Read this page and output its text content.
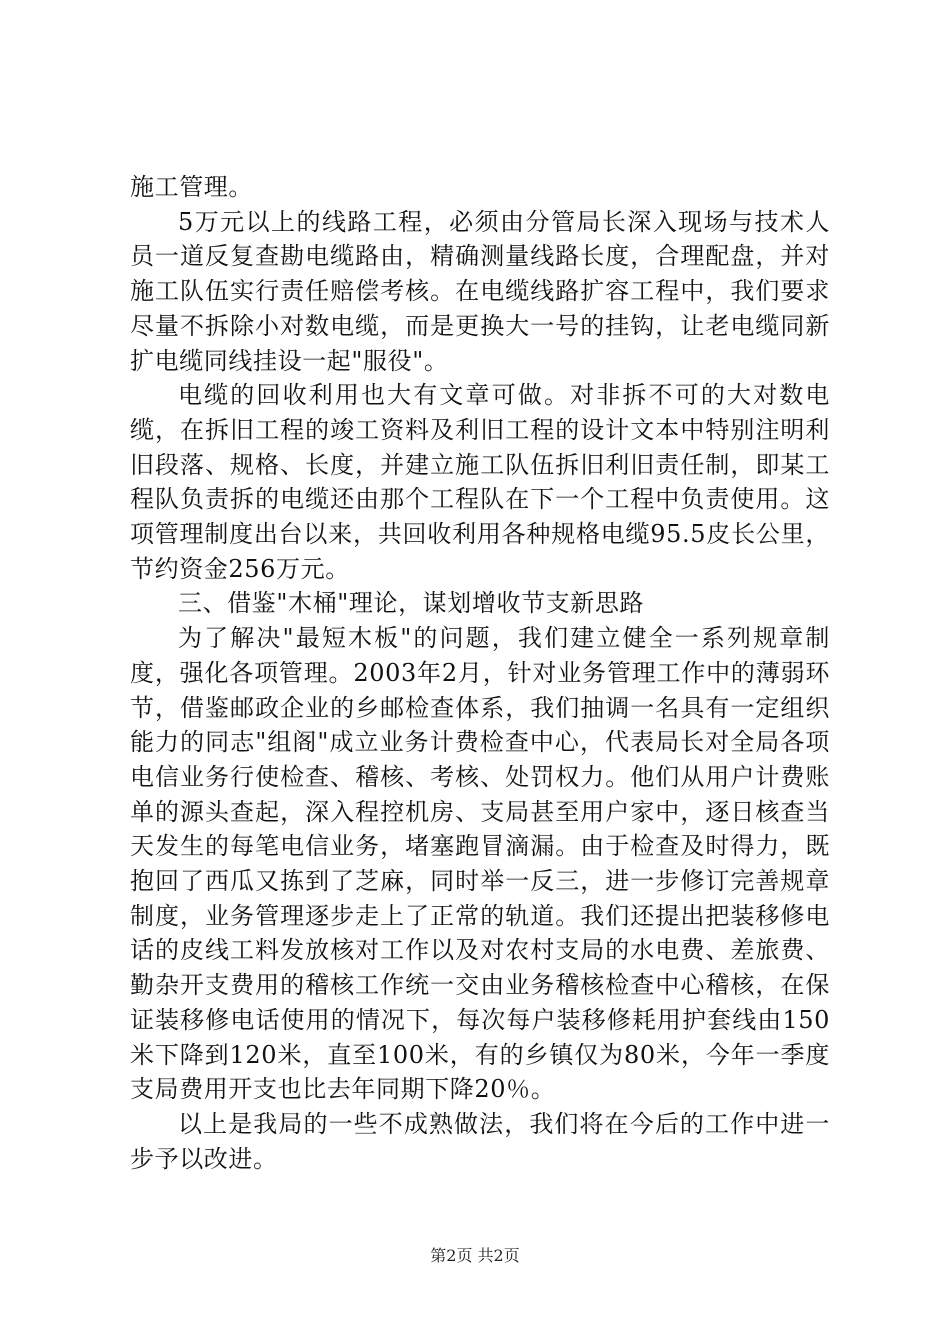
施工管理。

5万元以上的线路工程，必须由分管局长深入现场与技术人员一道反复查勘电缆路由，精确测量线路长度，合理配盘，并对施工队伍实行责任赔偿考核。在电缆线路扩容工程中，我们要求尽量不拆除小对数电缆，而是更换大一号的挂钩，让老电缆同新扩电缆同线挂设一起"服役"。

电缆的回收利用也大有文章可做。对非拆不可的大对数电缆，在拆旧工程的竣工资料及利旧工程的设计文本中特别注明利旧段落、规格、长度，并建立施工队伍拆旧利旧责任制，即某工程队负责拆的电缆还由那个工程队在下一个工程中负责使用。这项管理制度出台以来，共回收利用各种规格电缆95.5皮长公里，节约资金256万元。

三、借鉴"木桶"理论，谋划增收节支新思路

为了解决"最短木板"的问题，我们建立健全一系列规章制度，强化各项管理。2003年2月，针对业务管理工作中的薄弱环节，借鉴邮政企业的乡邮检查体系，我们抽调一名具有一定组织能力的同志"组阁"成立业务计费检查中心，代表局长对全局各项电信业务行使检查、稽核、考核、处罚权力。他们从用户计费账单的源头查起，深入程控机房、支局甚至用户家中，逐日核查当天发生的每笔电信业务，堵塞跑冒滴漏。由于检查及时得力，既抱回了西瓜又拣到了芝麻，同时举一反三，进一步修订完善规章制度，业务管理逐步走上了正常的轨道。我们还提出把装移修电话的皮线工料发放核对工作以及对农村支局的水电费、差旅费、勤杂开支费用的稽核工作统一交由业务稽核检查中心稽核，在保证装移修电话使用的情况下，每次每户装移修耗用护套线由150米下降到120米，直至100米，有的乡镇仅为80米，今年一季度支局费用开支也比去年同期下降20％。

以上是我局的一些不成熟做法，我们将在今后的工作中进一步予以改进。

第2页 共2页
